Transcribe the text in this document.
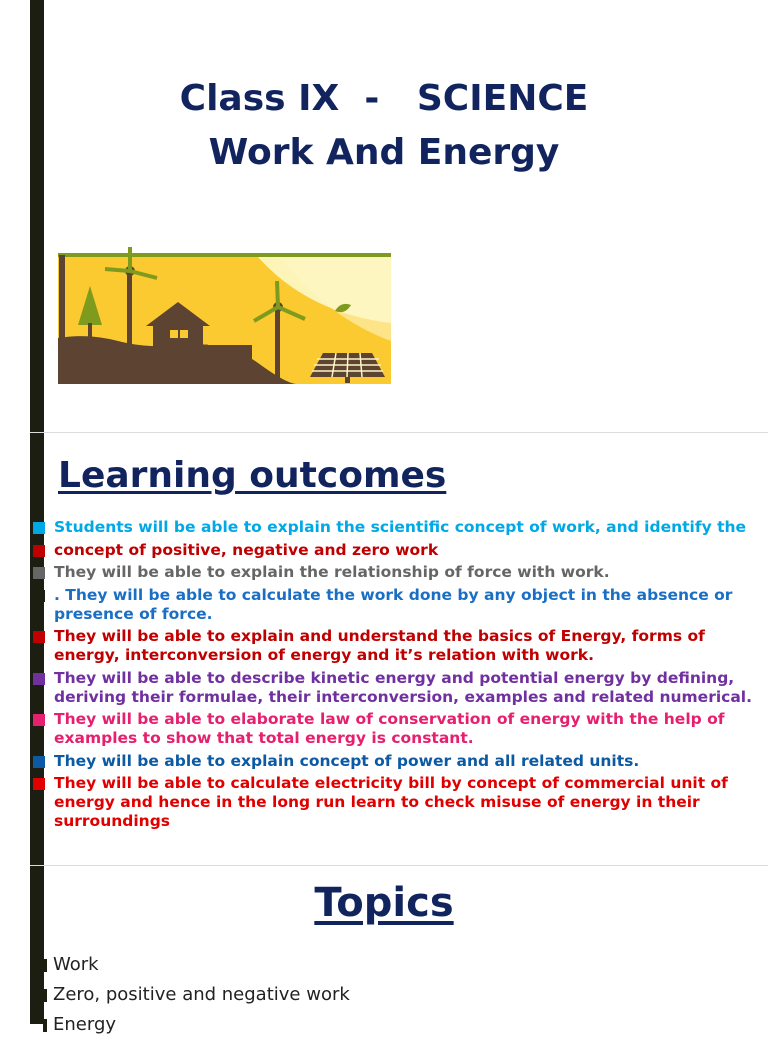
Class IX  -   SCIENCE
Work And Energy
Learning outcomes
Students will be able to explain the scientific concept of work, and identify the
concept of positive, negative and zero work
They will be able to explain the relationship of force with work.
. They will be able to calculate the work done by any object in the absence or presence of force.
They will be able to explain and understand the basics of Energy, forms of energy, interconversion of energy and it’s relation with work.
They will be able to describe kinetic energy and potential energy by defining, deriving their formulae, their interconversion, examples and related numerical.
They will be able to elaborate law of conservation of energy with the help of examples to show that total energy is constant.
They will be able to explain concept of power and all related units.
They will be able to calculate electricity bill by concept of commercial unit of energy and hence in the long run learn to check misuse of energy in their surroundings
Topics
Work
Zero, positive and negative work
Energy
